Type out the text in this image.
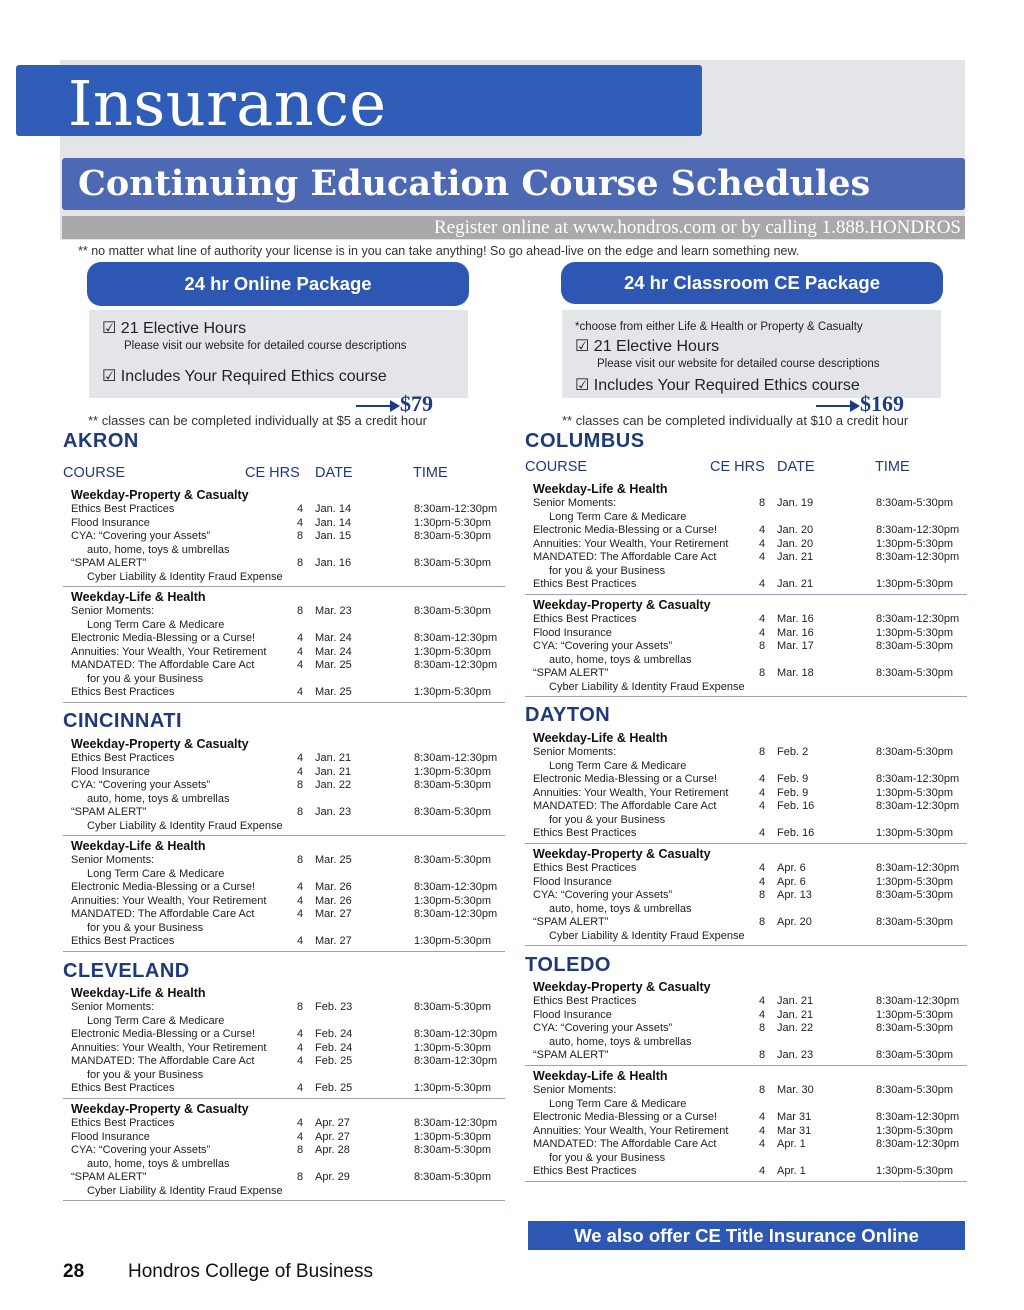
Insurance
Continuing Education Course Schedules
Register online at www.hondros.com or by calling 1.888.HONDROS
** no matter what line of authority your license is in you can take anything! So go ahead-live on the edge and learn something new.
24 hr Online Package
☑ 21 Elective Hours
Please visit our website for detailed course descriptions
☑ Includes Your Required Ethics course
$79
** classes can be completed individually at $5 a credit hour
24 hr Classroom CE Package
*choose from either Life & Health or Property & Casualty
☑ 21 Elective Hours
Please visit our website for detailed course descriptions
☑ Includes Your Required Ethics course
$169
** classes can be completed individually at $10 a credit hour
AKRON
COURSE	CE HRS DATE	TIME
COLUMBUS
COURSE	CE HRS DATE	TIME
CINCINNATI
CLEVELAND
DAYTON
TOLEDO
Weekday-Property & Casualty
Ethics Best Practices	4 Jan. 14	8:30am-12:30pm
Flood Insurance	4 Jan. 14	1:30pm-5:30pm
CYA: “Covering your Assets”	8 Jan. 15	8:30am-5:30pm
auto, home, toys & umbrellas
“SPAM ALERT”	8 Jan. 16	8:30am-5:30pm
Cyber Liability & Identity Fraud Expense
Weekday-Life & Health
Senior Moments:	8 Mar. 23	8:30am-5:30pm
Long Term Care & Medicare
Electronic Media-Blessing or a Curse!	4 Mar. 24	8:30am-12:30pm
Annuities: Your Wealth, Your Retirement	4 Mar. 24	1:30pm-5:30pm
MANDATED: The Affordable Care Act	4 Mar. 25	8:30am-12:30pm
for you & your Business
Ethics Best Practices	4 Mar. 25	1:30pm-5:30pm
Weekday-Property & Casualty
Ethics Best Practices	4 Jan. 21	8:30am-12:30pm
Flood Insurance	4 Jan. 21	1:30pm-5:30pm
CYA: “Covering your Assets”	8 Jan. 22	8:30am-5:30pm
auto, home, toys & umbrellas
“SPAM ALERT”	8 Jan. 23	8:30am-5:30pm
Cyber Liability & Identity Fraud Expense
Weekday-Life & Health
Senior Moments:	8 Mar. 25	8:30am-5:30pm
Long Term Care & Medicare
Electronic Media-Blessing or a Curse!	4 Mar. 26	8:30am-12:30pm
Annuities: Your Wealth, Your Retirement	4 Mar. 26	1:30pm-5:30pm
MANDATED: The Affordable Care Act	4 Mar. 27	8:30am-12:30pm
for you & your Business
Ethics Best Practices	4 Mar. 27	1:30pm-5:30pm
Weekday-Life & Health
Senior Moments:	8 Feb. 23	8:30am-5:30pm
Long Term Care & Medicare
Electronic Media-Blessing or a Curse!	4 Feb. 24	8:30am-12:30pm
Annuities: Your Wealth, Your Retirement	4 Feb. 24	1:30pm-5:30pm
MANDATED: The Affordable Care Act	4 Feb. 25	8:30am-12:30pm
for you & your Business
Ethics Best Practices	4 Feb. 25	1:30pm-5:30pm
Weekday-Property & Casualty
Ethics Best Practices	4 Apr. 27	8:30am-12:30pm
Flood Insurance	4 Apr. 27	1:30pm-5:30pm
CYA: “Covering your Assets”	8 Apr. 28	8:30am-5:30pm
auto, home, toys & umbrellas
“SPAM ALERT”	8 Apr. 29	8:30am-5:30pm
Cyber Liability & Identity Fraud Expense
Weekday-Life & Health
Senior Moments:	8 Jan. 19	8:30am-5:30pm
Long Term Care & Medicare
Electronic Media-Blessing or a Curse!	4 Jan. 20	8:30am-12:30pm
Annuities: Your Wealth, Your Retirement	4 Jan. 20	1:30pm-5:30pm
MANDATED: The Affordable Care Act	4 Jan. 21	8:30am-12:30pm
for you & your Business
Ethics Best Practices	4 Jan. 21	1:30pm-5:30pm
Weekday-Property & Casualty
Ethics Best Practices	4 Mar. 16	8:30am-12:30pm
Flood Insurance	4 Mar. 16	1:30pm-5:30pm
CYA: “Covering your Assets”	8 Mar. 17	8:30am-5:30pm
auto, home, toys & umbrellas
“SPAM ALERT”	8 Mar. 18	8:30am-5:30pm
Cyber Liability & Identity Fraud Expense
Weekday-Life & Health
Senior Moments:	8 Feb. 2	8:30am-5:30pm
Long Term Care & Medicare
Electronic Media-Blessing or a Curse!	4 Feb. 9	8:30am-12:30pm
Annuities: Your Wealth, Your Retirement	4 Feb. 9	1:30pm-5:30pm
MANDATED: The Affordable Care Act	4 Feb. 16	8:30am-12:30pm
for you & your Business
Ethics Best Practices	4 Feb. 16	1:30pm-5:30pm
Weekday-Property & Casualty
Ethics Best Practices	4 Apr. 6	8:30am-12:30pm
Flood Insurance	4 Apr. 6	1:30pm-5:30pm
CYA: “Covering your Assets”	8 Apr. 13	8:30am-5:30pm
auto, home, toys & umbrellas
“SPAM ALERT”	8 Apr. 20	8:30am-5:30pm
Cyber Liability & Identity Fraud Expense
Weekday-Property & Casualty
Ethics Best Practices	4 Jan. 21	8:30am-12:30pm
Flood Insurance	4 Jan. 21	1:30pm-5:30pm
CYA: “Covering your Assets”	8 Jan. 22	8:30am-5:30pm
auto, home, toys & umbrellas
“SPAM ALERT”	8 Jan. 23	8:30am-5:30pm
Weekday-Life & Health
Senior Moments:	8 Mar. 30	8:30am-5:30pm
Long Term Care & Medicare
Electronic Media-Blessing or a Curse!	4 Mar 31	8:30am-12:30pm
Annuities: Your Wealth, Your Retirement	4 Mar 31	1:30pm-5:30pm
MANDATED: The Affordable Care Act	4 Apr. 1	8:30am-12:30pm
for you & your Business
Ethics Best Practices	4 Apr. 1	1:30pm-5:30pm
We also offer CE Title Insurance Online
28 Hondros College of Business
